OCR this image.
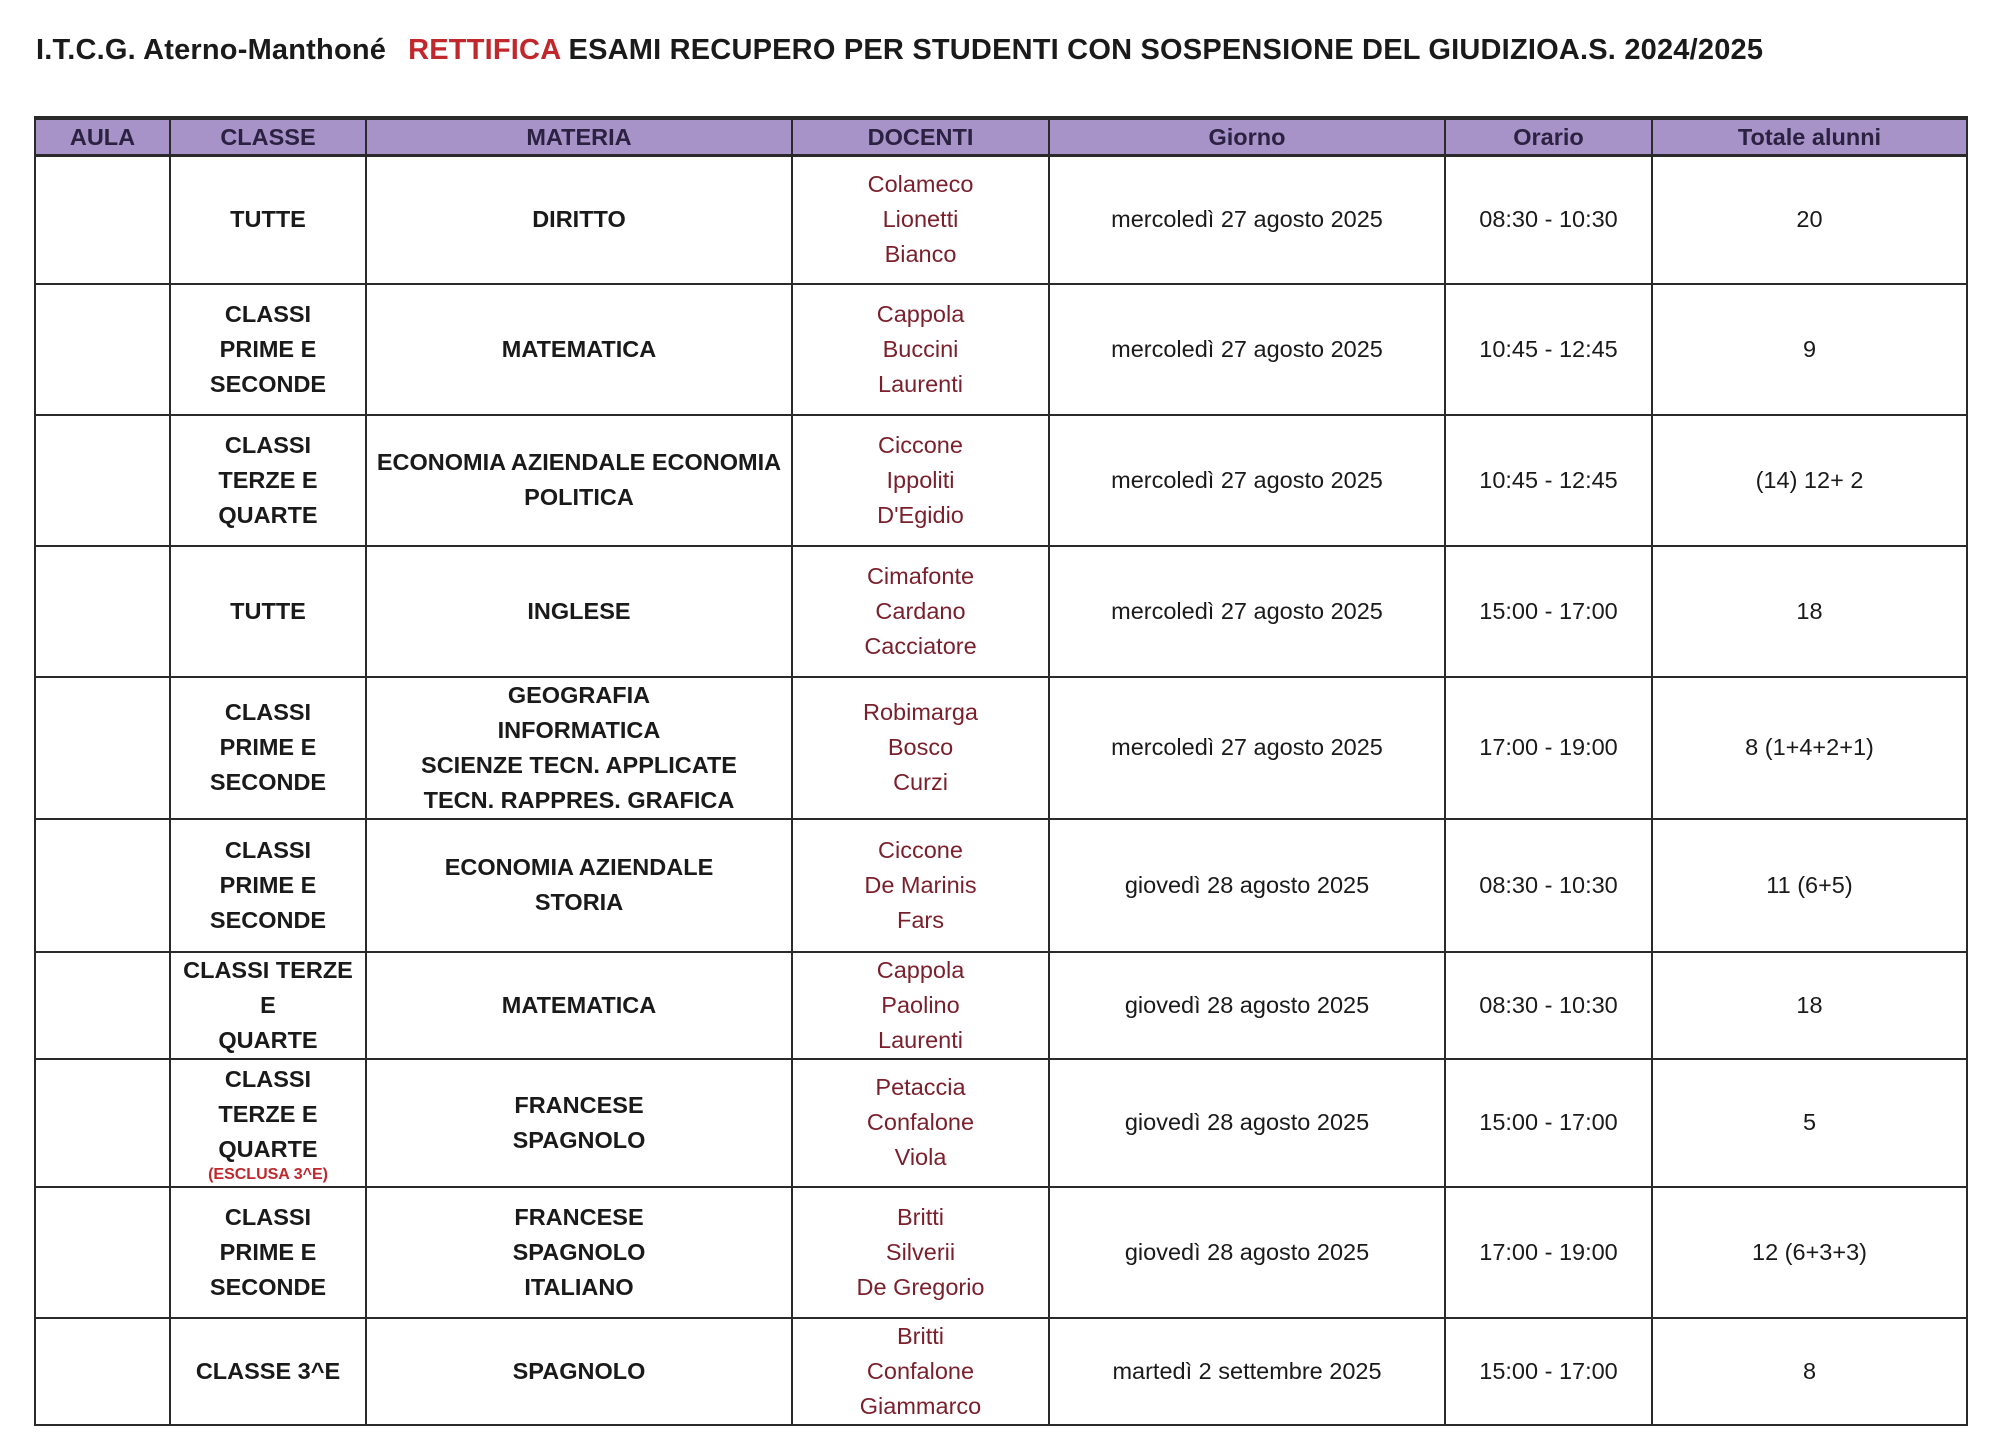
I.T.C.G. Aterno-Manthoné RETTIFICA ESAMI RECUPERO PER STUDENTI CON SOSPENSIONE DEL GIUDIZIOA.S. 2024/2025
AULA	CLASSE	MATERIA	DOCENTI	Giorno	Orario	Totale alunni

	TUTTE	DIRITTO	Colameco
Lionetti
Bianco	mercoledì 27 agosto 2025	08:30 - 10:30	20

	CLASSI
PRIME E
SECONDE	MATEMATICA	Cappola
Buccini
Laurenti	mercoledì 27 agosto 2025	10:45 - 12:45	9

	CLASSI
TERZE E
QUARTE	ECONOMIA AZIENDALE ECONOMIA
POLITICA	Ciccone
Ippoliti
D'Egidio	mercoledì 27 agosto 2025	10:45 - 12:45	(14) 12+ 2

	TUTTE	INGLESE	Cimafonte
Cardano
Cacciatore	mercoledì 27 agosto 2025	15:00 - 17:00	18

	CLASSI
PRIME E
SECONDE	GEOGRAFIA
INFORMATICA
SCIENZE TECN. APPLICATE
TECN. RAPPRES. GRAFICA	Robimarga
Bosco
Curzi	mercoledì 27 agosto 2025	17:00 - 19:00	8 (1+4+2+1)

	CLASSI
PRIME E
SECONDE	ECONOMIA AZIENDALE
STORIA	Ciccone
De Marinis
Fars	giovedì 28 agosto 2025	08:30 - 10:30	11 (6+5)

	CLASSI TERZE E
QUARTE	MATEMATICA	Cappola
Paolino
Laurenti	giovedì 28 agosto 2025	08:30 - 10:30	18

	CLASSI
TERZE E
QUARTE
(ESCLUSA 3^E)	FRANCESE
SPAGNOLO	Petaccia
Confalone
Viola	giovedì 28 agosto 2025	15:00 - 17:00	5

	CLASSI
PRIME E
SECONDE	FRANCESE
SPAGNOLO
ITALIANO	Britti
Silverii
De Gregorio	giovedì 28 agosto 2025	17:00 - 19:00	12 (6+3+3)

	CLASSE 3^E	SPAGNOLO	Britti
Confalone
Giammarco	martedì 2 settembre 2025	15:00 - 17:00	8
